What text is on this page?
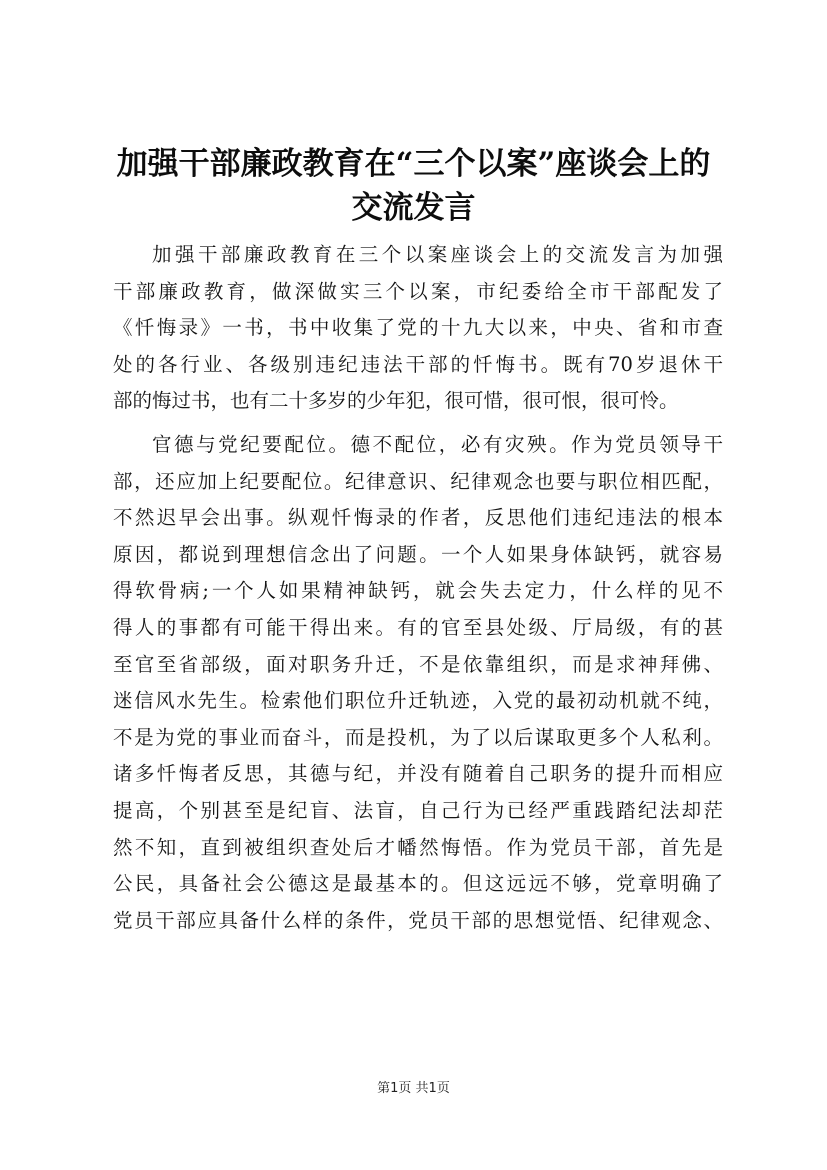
加强干部廉政教育在“三个以案”座谈会上的
交流发言
加强干部廉政教育在三个以案座谈会上的交流发言为加强
干部廉政教育，做深做实三个以案，市纪委给全市干部配发了
《忏悔录》一书，书中收集了党的十九大以来，中央、省和市查
处的各行业、各级别违纪违法干部的忏悔书。既有70岁退休干
部的悔过书，也有二十多岁的少年犯，很可惜，很可恨，很可怜。
官德与党纪要配位。德不配位，必有灾殃。作为党员领导干
部，还应加上纪要配位。纪律意识、纪律观念也要与职位相匹配，
不然迟早会出事。纵观忏悔录的作者，反思他们违纪违法的根本
原因，都说到理想信念出了问题。一个人如果身体缺钙，就容易
得软骨病;一个人如果精神缺钙，就会失去定力，什么样的见不
得人的事都有可能干得出来。有的官至县处级、厅局级，有的甚
至官至省部级，面对职务升迁，不是依靠组织，而是求神拜佛、
迷信风水先生。检索他们职位升迁轨迹，入党的最初动机就不纯，
不是为党的事业而奋斗，而是投机，为了以后谋取更多个人私利。
诸多忏悔者反思，其德与纪，并没有随着自己职务的提升而相应
提高，个别甚至是纪盲、法盲，自己行为已经严重践踏纪法却茫
然不知，直到被组织查处后才幡然悔悟。作为党员干部，首先是
公民，具备社会公德这是最基本的。但这远远不够，党章明确了
党员干部应具备什么样的条件，党员干部的思想觉悟、纪律观念、
第1页 共1页
